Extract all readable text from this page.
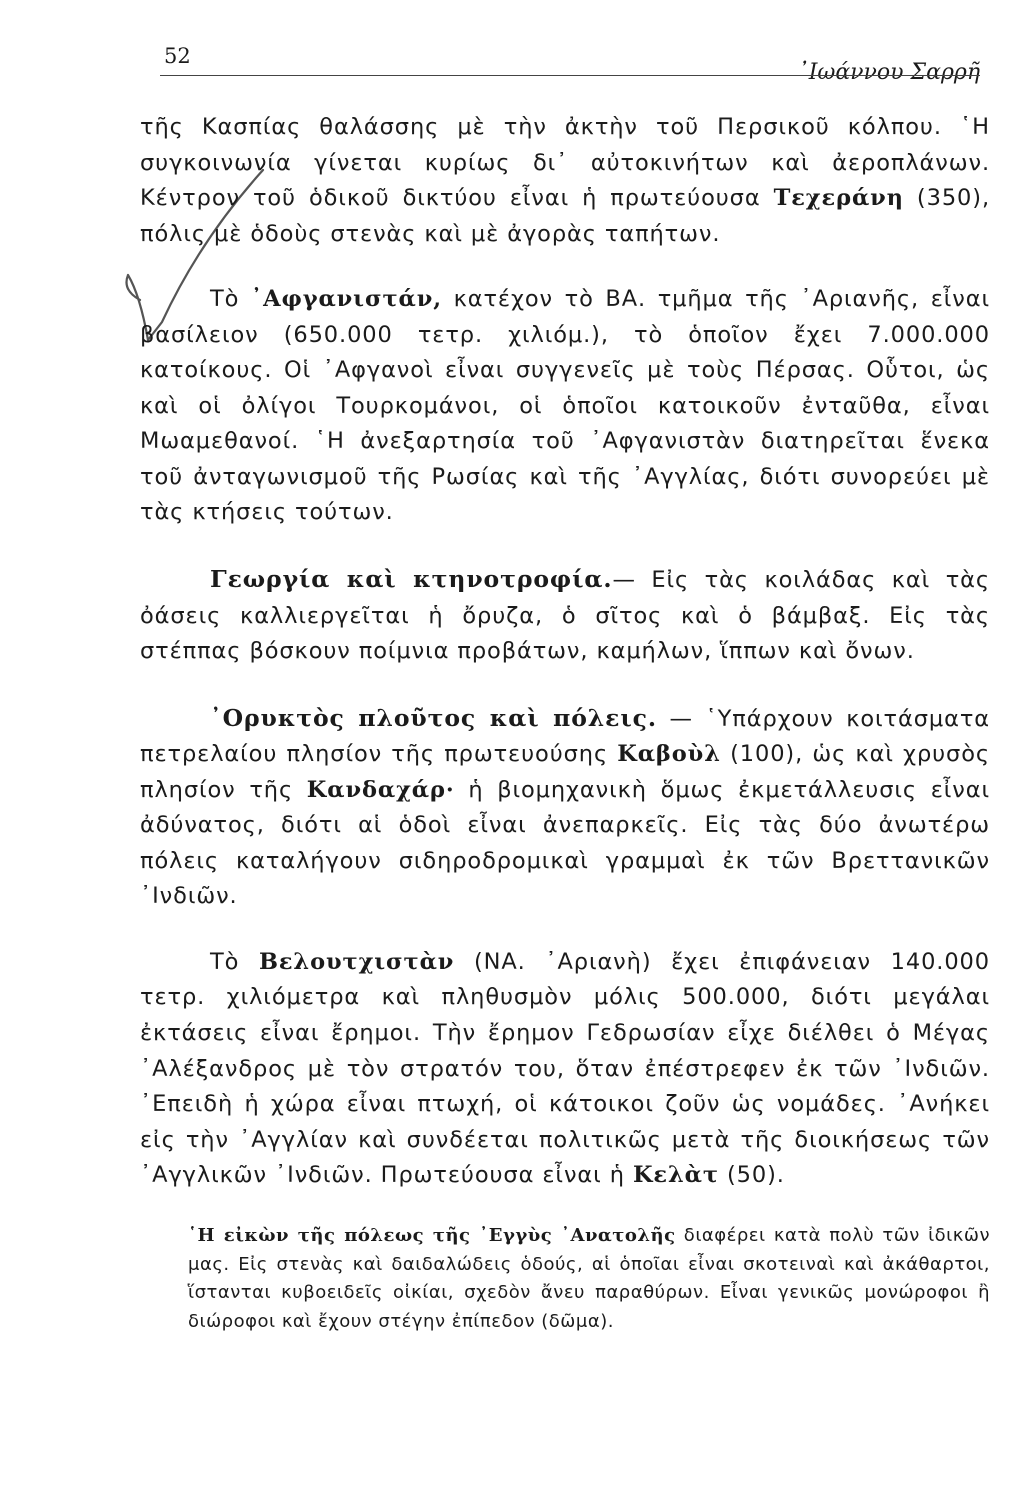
52
᾿Ιωάννου Σαρρῆ

τῆς Κασπίας θαλάσσης μὲ τὴν ἀκτὴν τοῦ Περσικοῦ κόλπου. ῾Η συγκοινωνία γίνεται κυρίως δι᾿ αὐτοκινήτων καὶ ἀεροπλάνων. Κέντρον τοῦ ὁδικοῦ δικτύου εἶναι ἡ πρωτεύουσα Τεχεράνη (350), πόλις μὲ ὁδοὺς στενὰς καὶ μὲ ἀγορὰς ταπήτων.

Τὸ ᾿Αφγανιστάν, κατέχον τὸ ΒΑ. τμῆμα τῆς ᾿Αριανῆς, εἶναι βασίλειον (650.000 τετρ. χιλιόμ.), τὸ ὁποῖον ἔχει 7.000.000 κατοίκους. Οἱ ᾿Αφγανοὶ εἶναι συγγενεῖς μὲ τοὺς Πέρσας. Οὗτοι, ὡς καὶ οἱ ὀλίγοι Τουρκομάνοι, οἱ ὁποῖοι κατοικοῦν ἐνταῦθα, εἶναι Μωαμεθανοί. ῾Η ἀνεξαρτησία τοῦ ᾿Αφγανιστὰν διατηρεῖται ἕνεκα τοῦ ἀνταγωνισμοῦ τῆς Ρωσίας καὶ τῆς ᾿Αγγλίας, διότι συνορεύει μὲ τὰς κτήσεις τούτων.

Γεωργία καὶ κτηνοτροφία.— Εἰς τὰς κοιλάδας καὶ τὰς ὀάσεις καλλιεργεῖται ἡ ὄρυζα, ὁ σῖτος καὶ ὁ βάμβαξ. Εἰς τὰς στέππας βόσκουν ποίμνια προβάτων, καμήλων, ἵππων καὶ ὄνων.

᾿Ορυκτὸς πλοῦτος καὶ πόλεις. — ῾Υπάρχουν κοιτάσματα πετρελαίου πλησίον τῆς πρωτευούσης Καβοὺλ (100), ὡς καὶ χρυσὸς πλησίον τῆς Κανδαχάρ· ἡ βιομηχανικὴ ὅμως ἐκμετάλλευσις εἶναι ἀδύνατος, διότι αἱ ὁδοὶ εἶναι ἀνεπαρκεῖς. Εἰς τὰς δύο ἀνωτέρω πόλεις καταλήγουν σιδηροδρομικαὶ γραμμαὶ ἐκ τῶν Βρεττανικῶν ᾿Ινδιῶν.

Τὸ Βελουτχιστὰν (ΝΑ. ᾿Αριανὴ) ἔχει ἐπιφάνειαν 140.000 τετρ. χιλιόμετρα καὶ πληθυσμὸν μόλις 500.000, διότι μεγάλαι ἐκτάσεις εἶναι ἔρημοι. Τὴν ἔρημον Γεδρωσίαν εἶχε διέλθει ὁ Μέγας ᾿Αλέξανδρος μὲ τὸν στρατόν του, ὅταν ἐπέστρεφεν ἐκ τῶν ᾿Ινδιῶν. ᾿Επειδὴ ἡ χώρα εἶναι πτωχή, οἱ κάτοικοι ζοῦν ὡς νομάδες. ᾿Ανήκει εἰς τὴν ᾿Αγγλίαν καὶ συνδέεται πολιτικῶς μετὰ τῆς διοικήσεως τῶν ᾿Αγγλικῶν ᾿Ινδιῶν. Πρωτεύουσα εἶναι ἡ Κελὰτ (50).

῾Η εἰκὼν τῆς πόλεως τῆς ᾿Εγγὺς ᾿Ανατολῆς διαφέρει κατὰ πολὺ τῶν ἰδικῶν μας. Εἰς στενὰς καὶ δαιδαλώδεις ὁδούς, αἱ ὁποῖαι εἶναι σκοτειναὶ καὶ ἀκάθαρτοι, ἵστανται κυβοειδεῖς οἰκίαι, σχεδὸν ἄνευ παραθύρων. Εἶναι γενικῶς μονώροφοι ἢ διώροφοι καὶ ἔχουν στέγην ἐπίπεδον (δῶμα).
